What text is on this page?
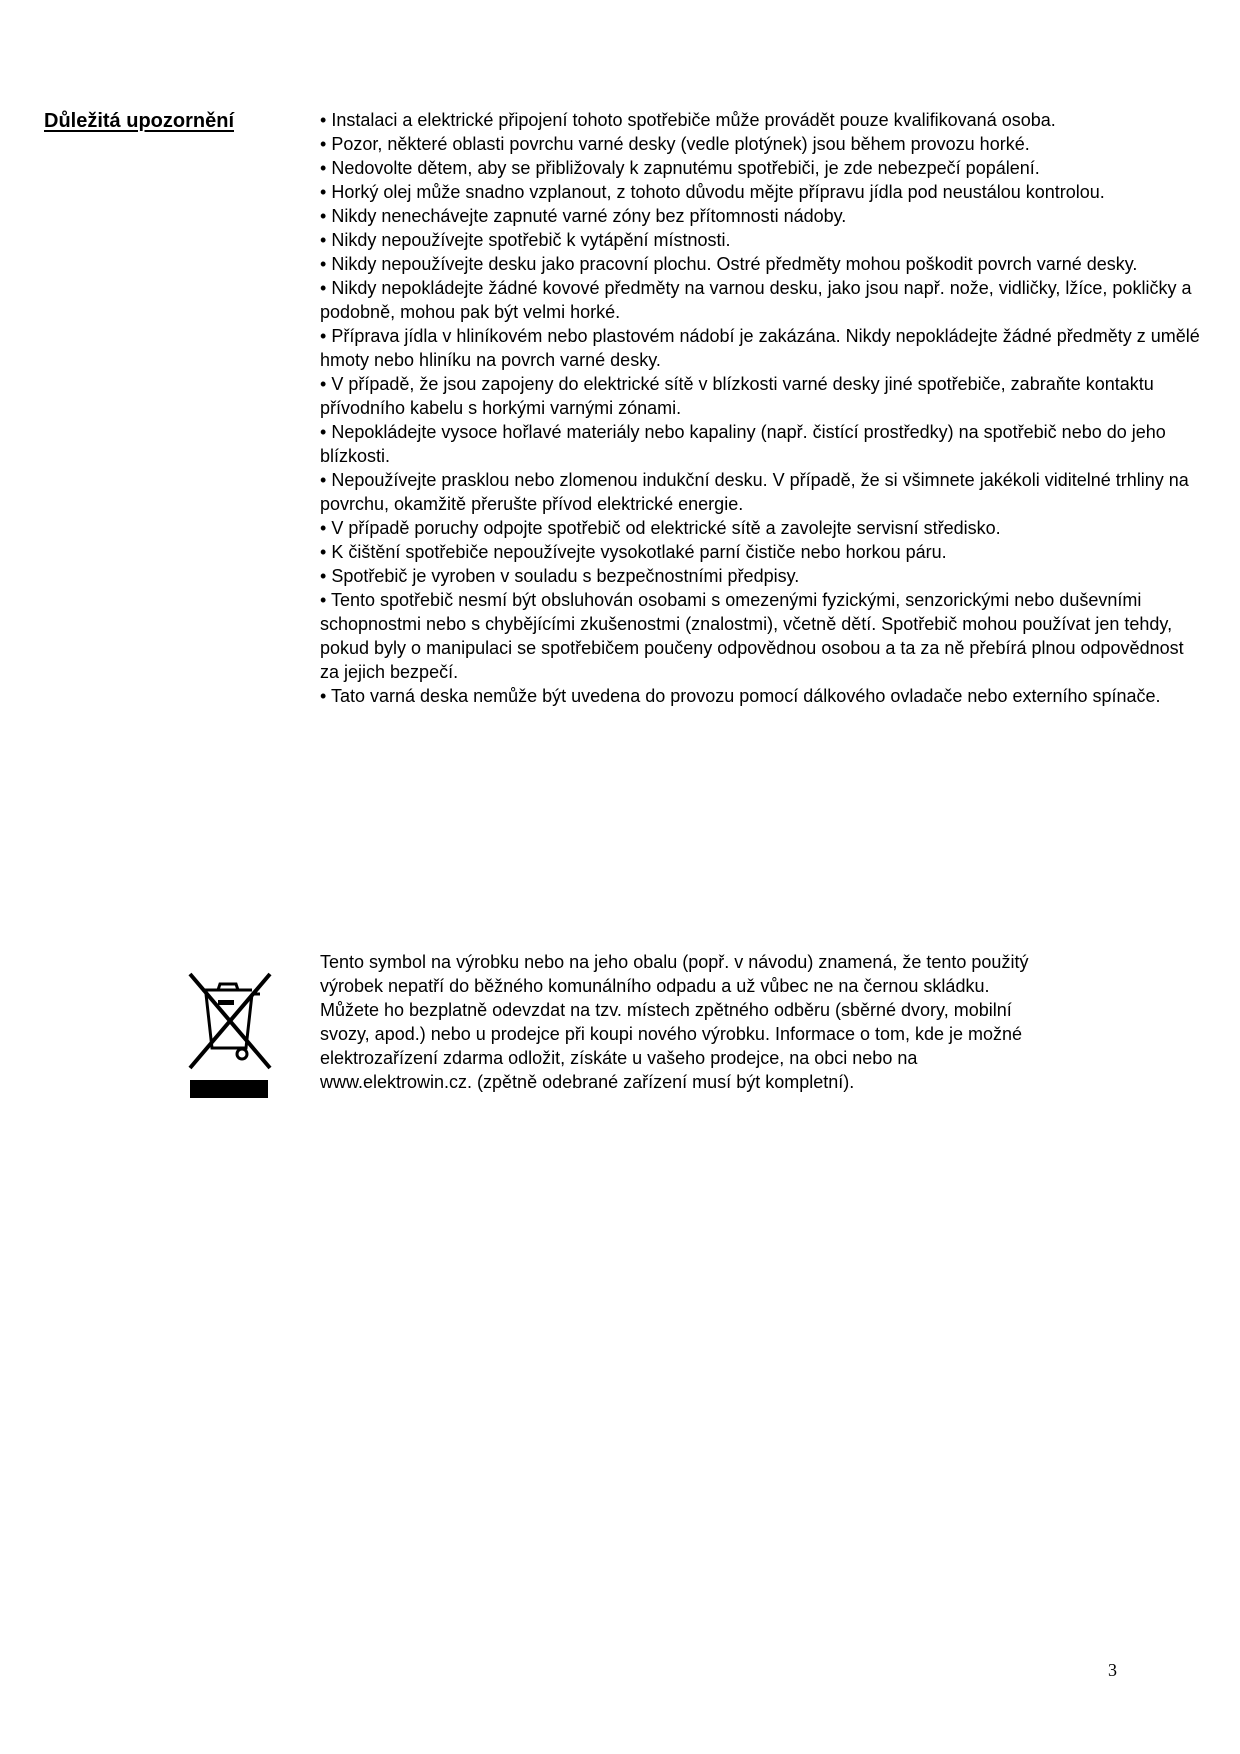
Důležitá upozornění	• Instalaci a elektrické připojení tohoto spotřebiče může provádět pouze kvalifikovaná osoba.
• Pozor, některé oblasti povrchu varné desky (vedle plotýnek) jsou během provozu horké.
• Nedovolte dětem, aby se přibližovaly k zapnutému spotřebiči, je zde nebezpečí popálení.
• Horký olej může snadno vzplanout, z tohoto důvodu mějte přípravu jídla pod neustálou kontrolou.
• Nikdy nenechávejte zapnuté varné zóny bez přítomnosti nádoby.
• Nikdy nepoužívejte spotřebič k vytápění místnosti.
• Nikdy nepoužívejte desku jako pracovní plochu. Ostré předměty mohou poškodit povrch varné desky.
• Nikdy nepokládejte žádné kovové předměty na varnou desku, jako jsou např. nože, vidličky, lžíce, pokličky a podobně, mohou pak být velmi horké.
• Příprava jídla v hliníkovém nebo plastovém nádobí je zakázána. Nikdy nepokládejte žádné předměty z umělé hmoty nebo hliníku na povrch varné desky.
• V případě, že jsou zapojeny do elektrické sítě v blízkosti varné desky jiné spotřebiče, zabraňte kontaktu přívodního kabelu s horkými varnými zónami.
• Nepokládejte vysoce hořlavé materiály nebo kapaliny (např. čistící prostředky) na spotřebič nebo do jeho blízkosti.
• Nepoužívejte prasklou nebo zlomenou indukční desku. V případě, že si všimnete jakékoli viditelné trhliny na povrchu, okamžitě přerušte přívod elektrické energie.
• V případě poruchy odpojte spotřebič od elektrické sítě a zavolejte servisní středisko.
• K čištění spotřebiče nepoužívejte vysokotlaké parní čističe nebo horkou páru.
• Spotřebič je vyroben v souladu s bezpečnostními předpisy.
• Tento spotřebič nesmí být obsluhován osobami s omezenými fyzickými, senzorickými nebo duševními schopnostmi nebo s chybějícími zkušenostmi (znalostmi), včetně dětí. Spotřebič mohou používat jen tehdy, pokud byly o manipulaci se spotřebičem poučeny odpovědnou osobou a ta za ně přebírá plnou odpovědnost za jejich bezpečí.
• Tato varná deska nemůže být uvedena do provozu pomocí dálkového ovladače nebo externího spínače.

Tento symbol na výrobku nebo na jeho obalu (popř. v návodu) znamená, že tento použitý
výrobek nepatří do běžného komunálního odpadu a už vůbec ne na černou skládku.
Můžete ho bezplatně odevzdat na tzv. místech zpětného odběru (sběrné dvory, mobilní
svozy, apod.) nebo u prodejce při koupi nového výrobku. Informace o tom, kde je možné
elektrozařízení zdarma odložit, získáte u vašeho prodejce, na obci nebo na
www.elektrowin.cz. (zpětně odebrané zařízení musí být kompletní).

3
